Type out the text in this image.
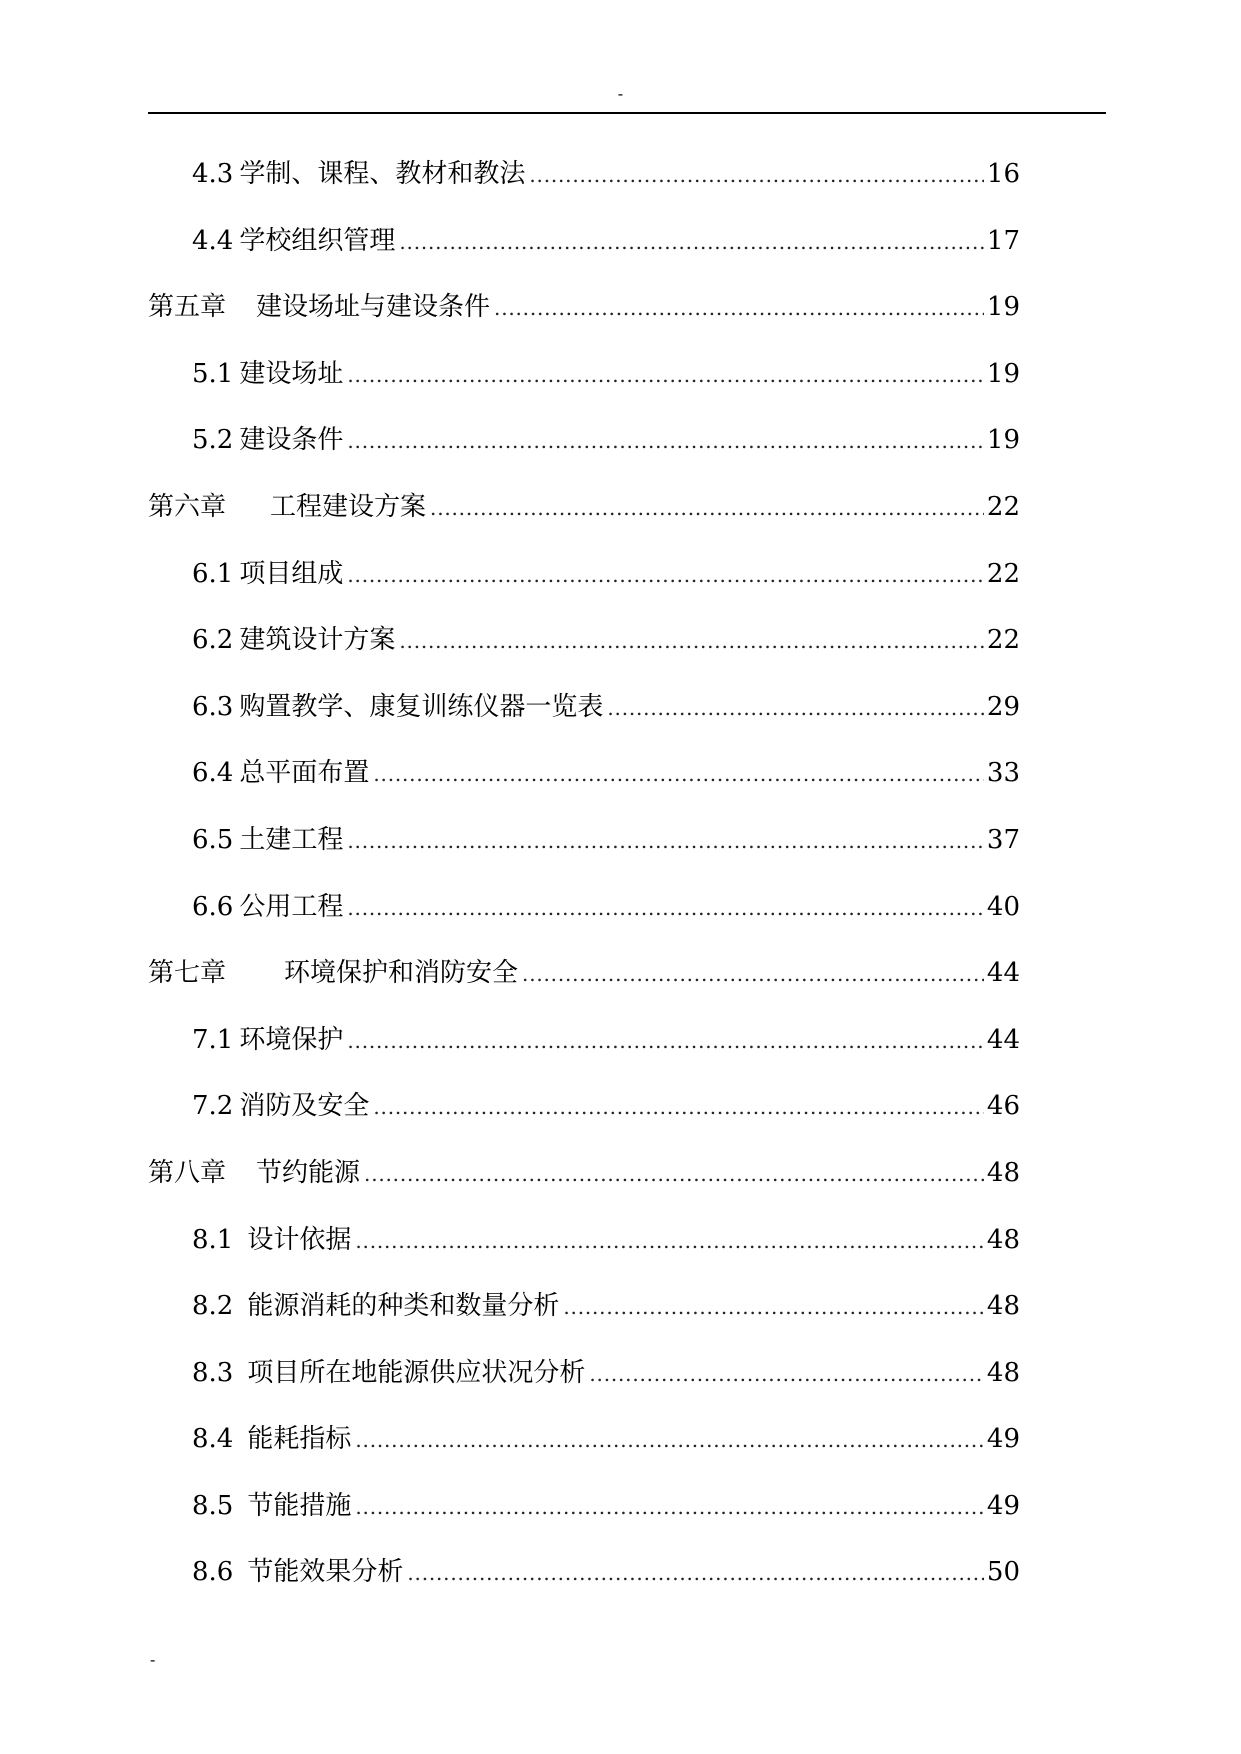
-
4.3 学制、课程、教材和教法 .....	16
4.4 学校组织管理 .....	17
第五章 建设场址与建设条件 .....	19
5.1 建设场址 .....	19
5.2 建设条件 .....	19
第六章 工程建设方案 .....	22
6.1 项目组成 .....	22
6.2 建筑设计方案 .....	22
6.3 购置教学、康复训练仪器一览表 .....	29
6.4 总平面布置 .....	33
6.5 土建工程 .....	37
6.6 公用工程 .....	40
第七章 环境保护和消防安全 .....	44
7.1 环境保护 .....	44
7.2 消防及安全 .....	46
第八章 节约能源 .....	48
8.1 设计依据 .....	48
8.2 能源消耗的种类和数量分析 .....	48
8.3 项目所在地能源供应状况分析 .....	48
8.4 能耗指标 .....	49
8.5 节能措施 .....	49
8.6 节能效果分析 .....	50
-
